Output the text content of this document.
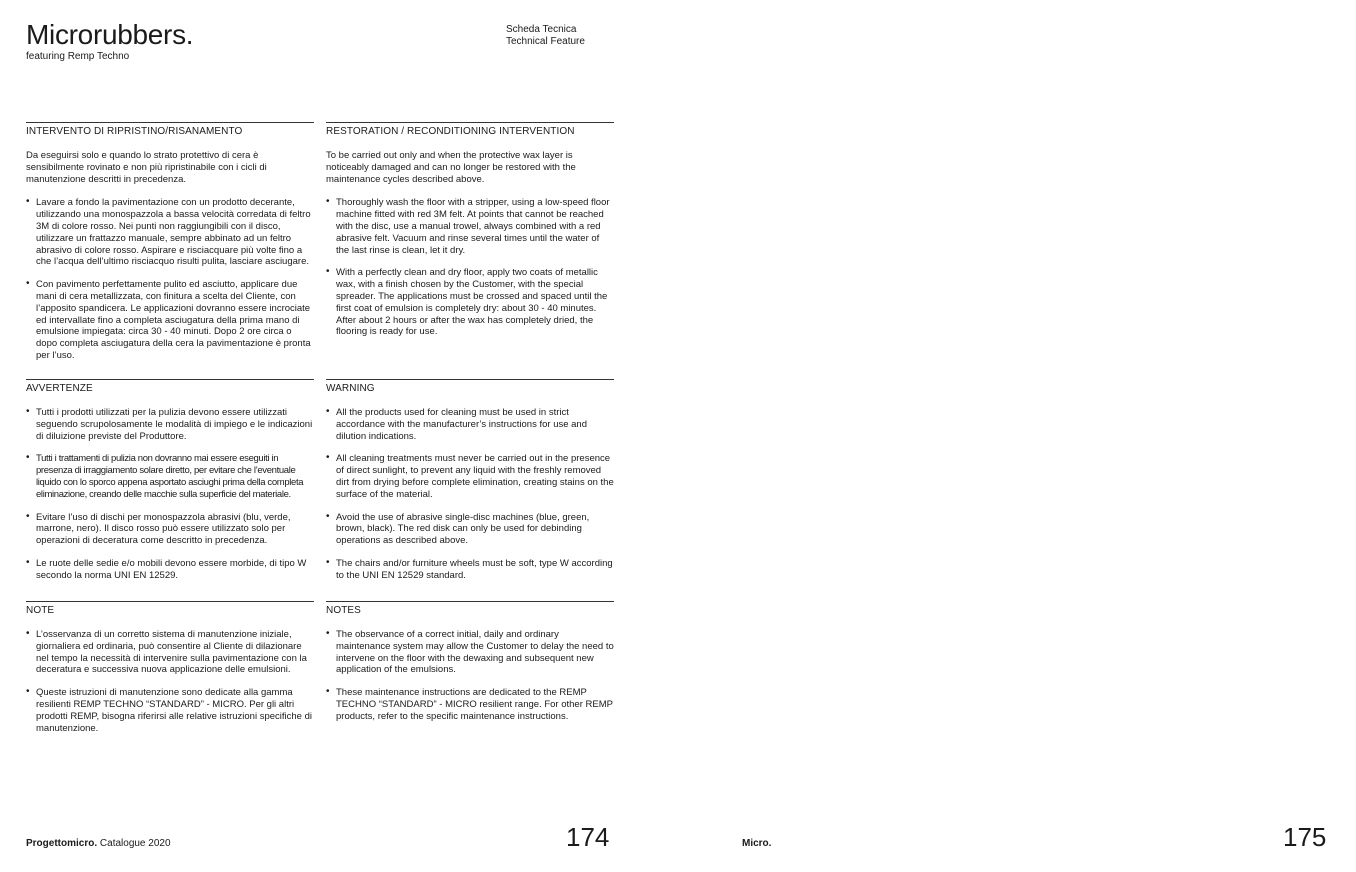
Microrubbers.
featuring Remp Techno
Scheda Tecnica
Technical Feature
INTERVENTO DI RIPRISTINO/RISANAMENTO

Da eseguirsi solo e quando lo strato protettivo di cera è sensibilmente rovinato e non più ripristinabile con i cicli di manutenzione descritti in precedenza.

• Lavare a fondo la pavimentazione con un prodotto decerante, utilizzando una monospazzola a bassa velocità corredata di feltro 3M di colore rosso. Nei punti non raggiungibili con il disco, utilizzare un frattazzo manuale, sempre abbinato ad un feltro abrasivo di colore rosso. Aspirare e risciacquare più volte fino a che l’acqua dell’ultimo risciacquo risulti pulita, lasciare asciugare.
• Con pavimento perfettamente pulito ed asciutto, applicare due mani di cera metallizzata, con finitura a scelta del Cliente, con l’apposito spandicera. Le applicazioni dovranno essere incrociate ed intervallate fino a completa asciugatura della prima mano di emulsione impiegata: circa 30 - 40 minuti. Dopo 2 ore circa o dopo completa asciugatura della cera la pavimentazione è pronta per l’uso.
AVVERTENZE
• Tutti i prodotti utilizzati per la pulizia devono essere utilizzati seguendo scrupolosamente le modalità di impiego e le indicazioni di diluizione previste del Produttore.
• Tutti i trattamenti di pulizia non dovranno mai essere eseguiti in presenza di irraggiamento solare diretto, per evitare che l’eventuale liquido con lo sporco appena asportato asciughi prima della completa eliminazione, creando delle macchie sulla superficie del materiale.
• Evitare l’uso di dischi per monospazzola abrasivi (blu, verde, marrone, nero). Il disco rosso può essere utilizzato solo per operazioni di deceratura come descritto in precedenza.
• Le ruote delle sedie e/o mobili devono essere morbide, di tipo W secondo la norma UNI EN 12529.
NOTE
• L’osservanza di un corretto sistema di manutenzione iniziale, giornaliera ed ordinaria, può consentire al Cliente di dilazionare nel tempo la necessità di intervenire sulla pavimentazione con la deceratura e successiva nuova applicazione delle emulsioni.
• Queste istruzioni di manutenzione sono dedicate alla gamma resilienti REMP TECHNO “STANDARD” - MICRO. Per gli altri prodotti REMP, bisogna riferirsi alle relative istruzioni specifiche di manutenzione.
RESTORATION / RECONDITIONING INTERVENTION

To be carried out only and when the protective wax layer is noticeably damaged and can no longer be restored with the maintenance cycles described above.

• Thoroughly wash the floor with a stripper, using a low-speed floor machine fitted with red 3M felt. At points that cannot be reached with the disc, use a manual trowel, always combined with a red abrasive felt. Vacuum and rinse several times until the water of the last rinse is clean, let it dry.
• With a perfectly clean and dry floor, apply two coats of metallic wax, with a finish chosen by the Customer, with the special spreader. The applications must be crossed and spaced until the first coat of emulsion is completely dry: about 30 - 40 minutes. After about 2 hours or after the wax has completely dried, the flooring is ready for use.
WARNING
• All the products used for cleaning must be used in strict accordance with the manufacturer’s instructions for use and dilution indications.
• All cleaning treatments must never be carried out in the presence of direct sunlight, to prevent any liquid with the freshly removed dirt from drying before complete elimination, creating stains on the surface of the material.
• Avoid the use of abrasive single-disc machines (blue, green, brown, black). The red disk can only be used for debinding operations as described above.
• The chairs and/or furniture wheels must be soft, type W according to the UNI EN 12529 standard.
NOTES
• The observance of a correct initial, daily and ordinary maintenance system may allow the Customer to delay the need to intervene on the floor with the dewaxing and subsequent new application of the emulsions.
• These maintenance instructions are dedicated to the REMP TECHNO “STANDARD” - MICRO resilient range. For other REMP products, refer to the specific maintenance instructions.
Progettomicro. Catalogue 2020	174	Micro.	175
